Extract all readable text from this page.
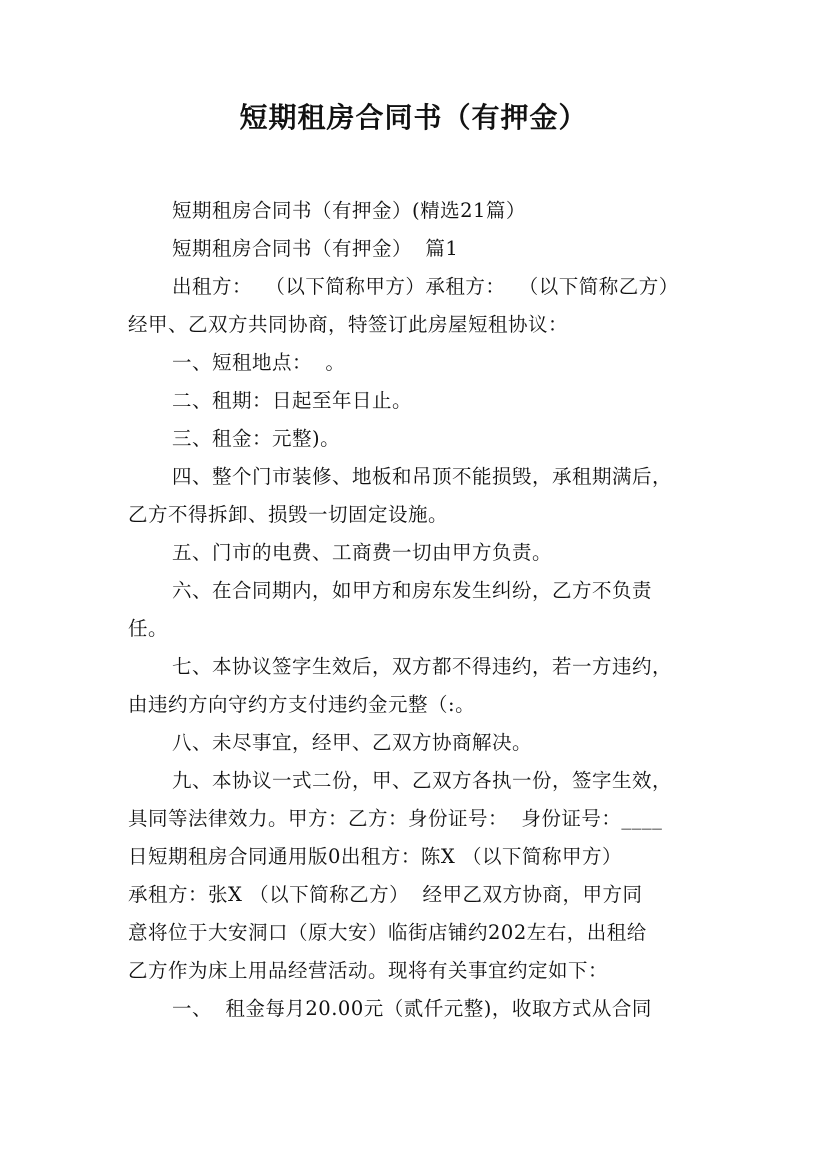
短期租房合同书（有押金）
短期租房合同书（有押金）(精选21篇）
短期租房合同书（有押金）  篇1
出租方：  （以下简称甲方）承租方：  （以下简称乙方）
经甲、乙双方共同协商，特签订此房屋短租协议：
一、短租地点：  。
二、租期：日起至年日止。
三、租金：元整)。
四、整个门市装修、地板和吊顶不能损毁，承租期满后，
乙方不得拆卸、损毁一切固定设施。
五、门市的电费、工商费一切由甲方负责。
六、在合同期内，如甲方和房东发生纠纷，乙方不负责
任。
七、本协议签字生效后，双方都不得违约，若一方违约，
由违约方向守约方支付违约金元整（:。
八、未尽事宜，经甲、乙双方协商解决。
九、本协议一式二份，甲、乙双方各执一份，签字生效，
具同等法律效力。甲方：乙方：身份证号：  身份证号：____
日短期租房合同通用版0出租方：陈X （以下简称甲方）
承租方：张X （以下简称乙方）  经甲乙双方协商，甲方同
意将位于大安洞口（原大安）临街店铺约202左右，出租给
乙方作为床上用品经营活动。现将有关事宜约定如下：
一、  租金每月20.00元（贰仟元整)，收取方式从合同
